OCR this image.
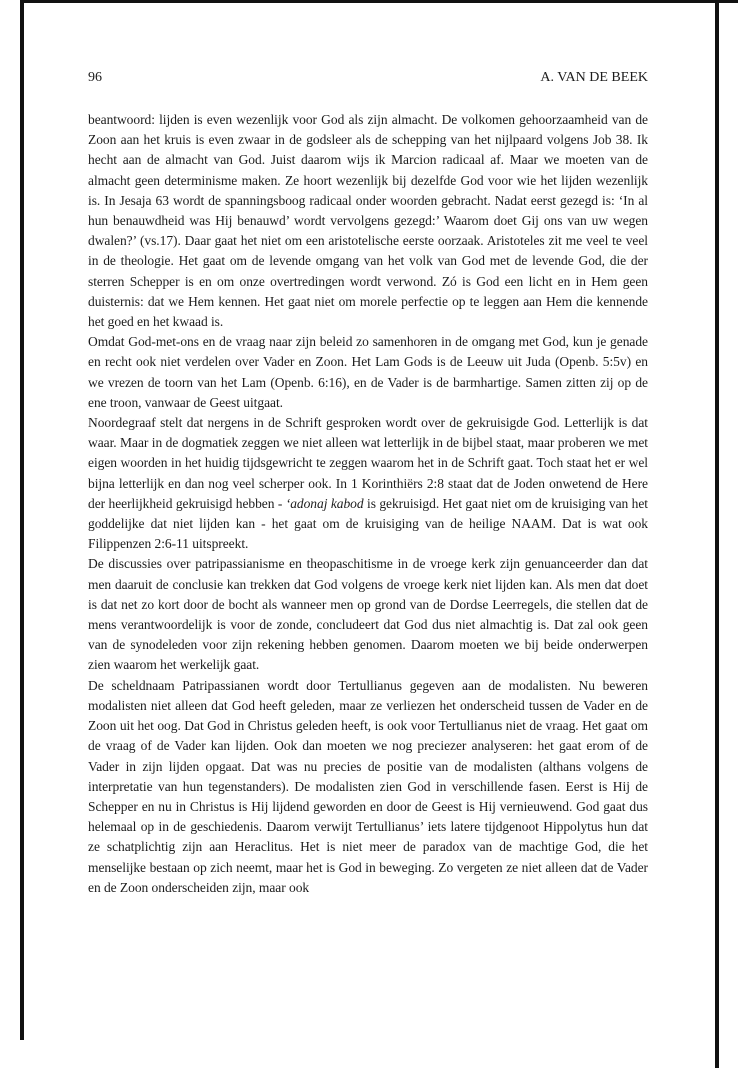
96	A. VAN DE BEEK

beantwoord: lijden is even wezenlijk voor God als zijn almacht. De volkomen gehoorzaamheid van de Zoon aan het kruis is even zwaar in de godsleer als de schepping van het nijlpaard volgens Job 38. Ik hecht aan de almacht van God. Juist daarom wijs ik Marcion radicaal af. Maar we moeten van de almacht geen determinisme maken. Ze hoort wezenlijk bij dezelfde God voor wie het lijden wezenlijk is. In Jesaja 63 wordt de spanningsboog radicaal onder woorden gebracht. Nadat eerst gezegd is: ‘In al hun benauwdheid was Hij benauwd’ wordt vervolgens gezegd:’ Waarom doet Gij ons van uw wegen dwalen?’ (vs.17). Daar gaat het niet om een aristotelische eerste oorzaak. Aristoteles zit me veel te veel in de theologie. Het gaat om de levende omgang van het volk van God met de levende God, die der sterren Schepper is en om onze overtredingen wordt verwond. Zó is God een licht en in Hem geen duisternis: dat we Hem kennen. Het gaat niet om morele perfectie op te leggen aan Hem die kennende het goed en het kwaad is.

Omdat God-met-ons en de vraag naar zijn beleid zo samenhoren in de omgang met God, kun je genade en recht ook niet verdelen over Vader en Zoon. Het Lam Gods is de Leeuw uit Juda (Openb. 5:5v) en we vrezen de toorn van het Lam (Openb. 6:16), en de Vader is de barmhartige. Samen zitten zij op de ene troon, vanwaar de Geest uitgaat.

Noordegraaf stelt dat nergens in de Schrift gesproken wordt over de gekruisigde God. Letterlijk is dat waar. Maar in de dogmatiek zeggen we niet alleen wat letterlijk in de bijbel staat, maar proberen we met eigen woorden in het huidig tijdsgewricht te zeggen waarom het in de Schrift gaat. Toch staat het er wel bijna letterlijk en dan nog veel scherper ook. In 1 Korinthiërs 2:8 staat dat de Joden onwetend de Here der heerlijkheid gekruisigd hebben - ‘adonaj kabod is gekruisigd. Het gaat niet om de kruisiging van het goddelijke dat niet lijden kan - het gaat om de kruisiging van de heilige NAAM. Dat is wat ook Filippenzen 2:6-11 uitspreekt.

De discussies over patripassianisme en theopaschitisme in de vroege kerk zijn genuanceerder dan dat men daaruit de conclusie kan trekken dat God volgens de vroege kerk niet lijden kan. Als men dat doet is dat net zo kort door de bocht als wanneer men op grond van de Dordse Leerregels, die stellen dat de mens verantwoordelijk is voor de zonde, concludeert dat God dus niet almachtig is. Dat zal ook geen van de synodeleden voor zijn rekening hebben genomen. Daarom moeten we bij beide onderwerpen zien waarom het werkelijk gaat.

De scheldnaam Patripassianen wordt door Tertullianus gegeven aan de modalisten. Nu beweren modalisten niet alleen dat God heeft geleden, maar ze verliezen het onderscheid tussen de Vader en de Zoon uit het oog. Dat God in Christus geleden heeft, is ook voor Tertullianus niet de vraag. Het gaat om de vraag of de Vader kan lijden. Ook dan moeten we nog preciezer analyseren: het gaat erom of de Vader in zijn lijden opgaat. Dat was nu precies de positie van de modalisten (althans volgens de interpretatie van hun tegenstanders). De modalisten zien God in verschillende fasen. Eerst is Hij de Schepper en nu in Christus is Hij lijdend geworden en door de Geest is Hij vernieuwend. God gaat dus helemaal op in de geschiedenis. Daarom verwijt Tertullianus’ iets latere tijdgenoot Hippolytus hun dat ze schatplichtig zijn aan Heraclitus. Het is niet meer de paradox van de machtige God, die het menselijke bestaan op zich neemt, maar het is God in beweging. Zo vergeten ze niet alleen dat de Vader en de Zoon onderscheiden zijn, maar ook
